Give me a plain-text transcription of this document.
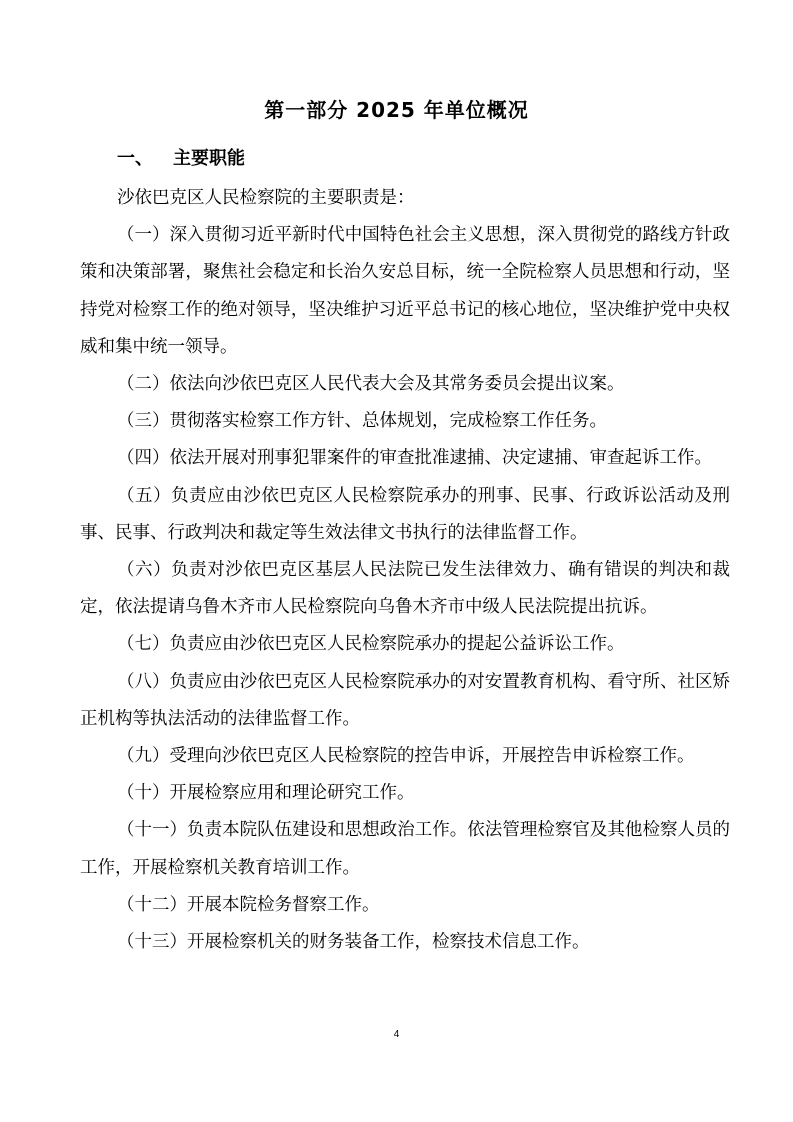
第一部分 2025 年单位概况
一、 主要职能

沙依巴克区人民检察院的主要职责是：

（一）深入贯彻习近平新时代中国特色社会主义思想，深入贯彻党的路线方针政策和决策部署，聚焦社会稳定和长治久安总目标，统一全院检察人员思想和行动，坚持党对检察工作的绝对领导，坚决维护习近平总书记的核心地位，坚决维护党中央权威和集中统一领导。

（二）依法向沙依巴克区人民代表大会及其常务委员会提出议案。

（三）贯彻落实检察工作方针、总体规划，完成检察工作任务。

（四）依法开展对刑事犯罪案件的审查批准逮捕、决定逮捕、审查起诉工作。

（五）负责应由沙依巴克区人民检察院承办的刑事、民事、行政诉讼活动及刑事、民事、行政判决和裁定等生效法律文书执行的法律监督工作。

（六）负责对沙依巴克区基层人民法院已发生法律效力、确有错误的判决和裁定，依法提请乌鲁木齐市人民检察院向乌鲁木齐市中级人民法院提出抗诉。

（七）负责应由沙依巴克区人民检察院承办的提起公益诉讼工作。

（八）负责应由沙依巴克区人民检察院承办的对安置教育机构、看守所、社区矫正机构等执法活动的法律监督工作。

（九）受理向沙依巴克区人民检察院的控告申诉，开展控告申诉检察工作。

（十）开展检察应用和理论研究工作。

（十一）负责本院队伍建设和思想政治工作。依法管理检察官及其他检察人员的工作，开展检察机关教育培训工作。

（十二）开展本院检务督察工作。

（十三）开展检察机关的财务装备工作，检察技术信息工作。

4
